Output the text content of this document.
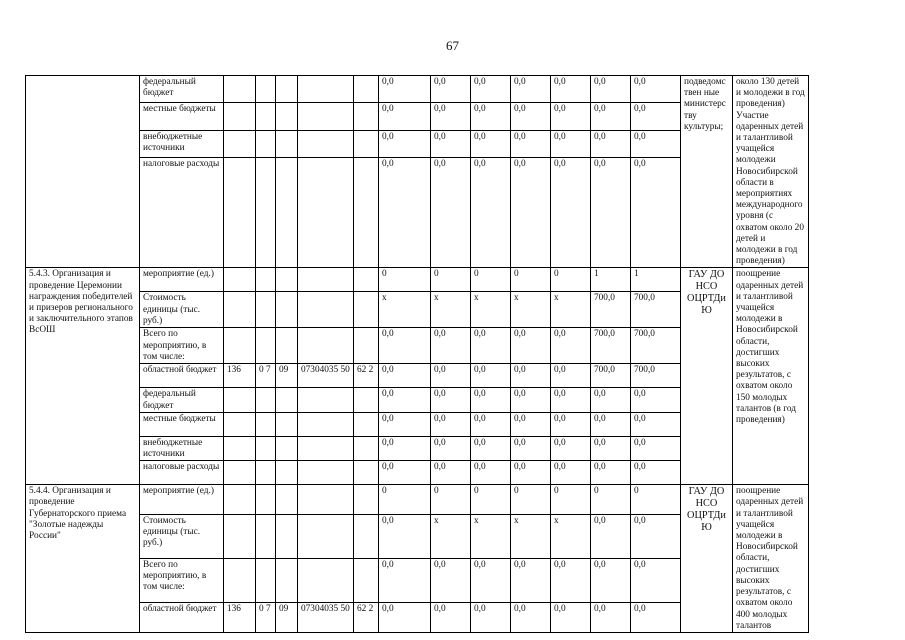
67
	федеральный бюджет						0,0	0,0	0,0	0,0	0,0	0,0	0,0	подведомствен ные министерству культуры;	около 130 детей и молодежи в год проведения) Участие одаренных детей и талантливой учащейся молодежи Новосибирской области в мероприятиях международного уровня (с охватом около 20 детей и молодежи в год проведения)
	местные бюджеты						0,0	0,0	0,0	0,0	0,0	0,0	0,0		
	внебюджетные источники						0,0	0,0	0,0	0,0	0,0	0,0	0,0		
	налоговые расходы						0,0	0,0	0,0	0,0	0,0	0,0	0,0		
5.4.3. Организация и проведение Церемонии награждения победителей и призеров регионального и заключительного этапов ВсОШ	мероприятие (ед.)						0	0	0	0	0	1	1	ГАУ ДО НСО ОЦРТДиЮ	поощрение одаренных детей и талантливой учащейся молодежи в Новосибирской области, достигших высоких результатов, с охватом около 150 молодых талантов (в год проведения)
	Стоимость единицы (тыс. руб.)						х	х	х	х	х	700,0	700,0		
	Всего по мероприятию, в том числе:						0,0	0,0	0,0	0,0	0,0	700,0	700,0		
	областной бюджет	136	0 7	09	07304035 50	62 2	0,0	0,0	0,0	0,0	0,0	700,0	700,0		
	федеральный бюджет						0,0	0,0	0,0	0,0	0,0	0,0	0,0		
	местные бюджеты						0,0	0,0	0,0	0,0	0,0	0,0	0,0		
	внебюджетные источники						0,0	0,0	0,0	0,0	0,0	0,0	0,0		
	налоговые расходы						0,0	0,0	0,0	0,0	0,0	0,0	0,0		
5.4.4. Организация и проведение Губернаторского приема "Золотые надежды России"	мероприятие (ед.)						0	0	0	0	0	0	0	ГАУ ДО НСО ОЦРТДиЮ	поощрение одаренных детей и талантливой учащейся молодежи в Новосибирской области, достигших высоких результатов, с охватом около 400 молодых талантов
	Стоимость единицы (тыс. руб.)						0,0	х	х	х	х	0,0	0,0		
	Всего по мероприятию, в том числе:						0,0	0,0	0,0	0,0	0,0	0,0	0,0		
	областной бюджет	136	0 7	09	07304035 50	62 2	0,0	0,0	0,0	0,0	0,0	0,0	0,0		
